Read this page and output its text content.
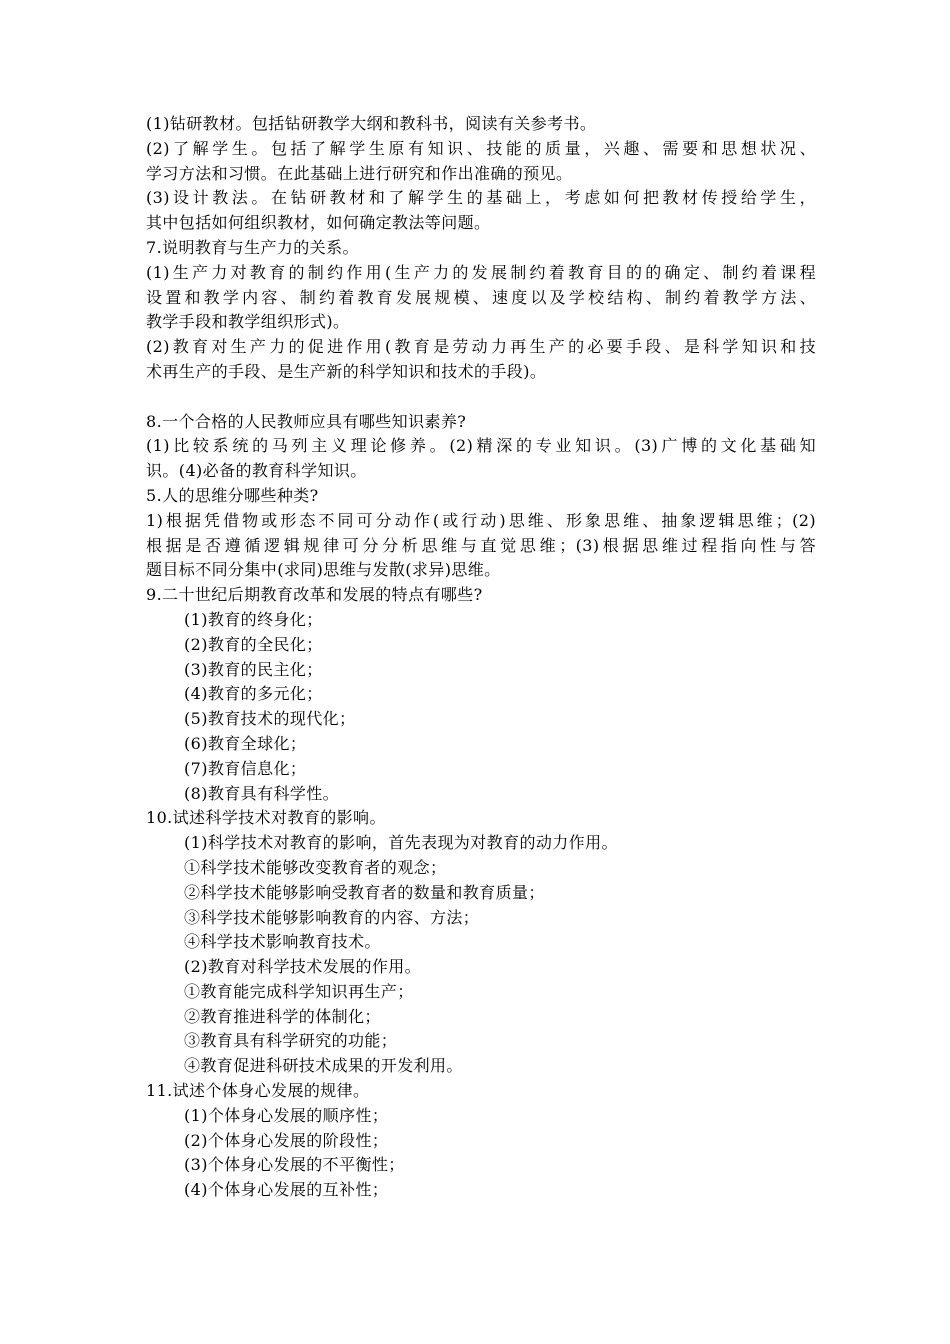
(1)钻研教材。包括钻研教学大纲和教科书，阅读有关参考书。
(2)了解学生。包括了解学生原有知识、技能的质量，兴趣、需要和思想状况、
学习方法和习惯。在此基础上进行研究和作出准确的预见。
(3)设计教法。在钻研教材和了解学生的基础上，考虑如何把教材传授给学生，
其中包括如何组织教材，如何确定教法等问题。
7.说明教育与生产力的关系。
(1)生产力对教育的制约作用(生产力的发展制约着教育目的的确定、制约着课程
设置和教学内容、制约着教育发展规模、速度以及学校结构、制约着教学方法、
教学手段和教学组织形式)。
(2)教育对生产力的促进作用(教育是劳动力再生产的必要手段、是科学知识和技
术再生产的手段、是生产新的科学知识和技术的手段)。
8.一个合格的人民教师应具有哪些知识素养?
(1)比较系统的马列主义理论修养。(2)精深的专业知识。(3)广博的文化基础知
识。(4)必备的教育科学知识。
5.人的思维分哪些种类?
1)根据凭借物或形态不同可分动作(或行动)思维、形象思维、抽象逻辑思维；(2)
根据是否遵循逻辑规律可分分析思维与直觉思维；(3)根据思维过程指向性与答
题目标不同分集中(求同)思维与发散(求异)思维。
9.二十世纪后期教育改革和发展的特点有哪些?
(1)教育的终身化；
(2)教育的全民化；
(3)教育的民主化；
(4)教育的多元化；
(5)教育技术的现代化；
(6)教育全球化；
(7)教育信息化；
(8)教育具有科学性。
10.试述科学技术对教育的影响。
(1)科学技术对教育的影响，首先表现为对教育的动力作用。
①科学技术能够改变教育者的观念；
②科学技术能够影响受教育者的数量和教育质量；
③科学技术能够影响教育的内容、方法；
④科学技术影响教育技术。
(2)教育对科学技术发展的作用。
①教育能完成科学知识再生产；
②教育推进科学的体制化；
③教育具有科学研究的功能；
④教育促进科研技术成果的开发利用。
11.试述个体身心发展的规律。
(1)个体身心发展的顺序性；
(2)个体身心发展的阶段性；
(3)个体身心发展的不平衡性；
(4)个体身心发展的互补性；
